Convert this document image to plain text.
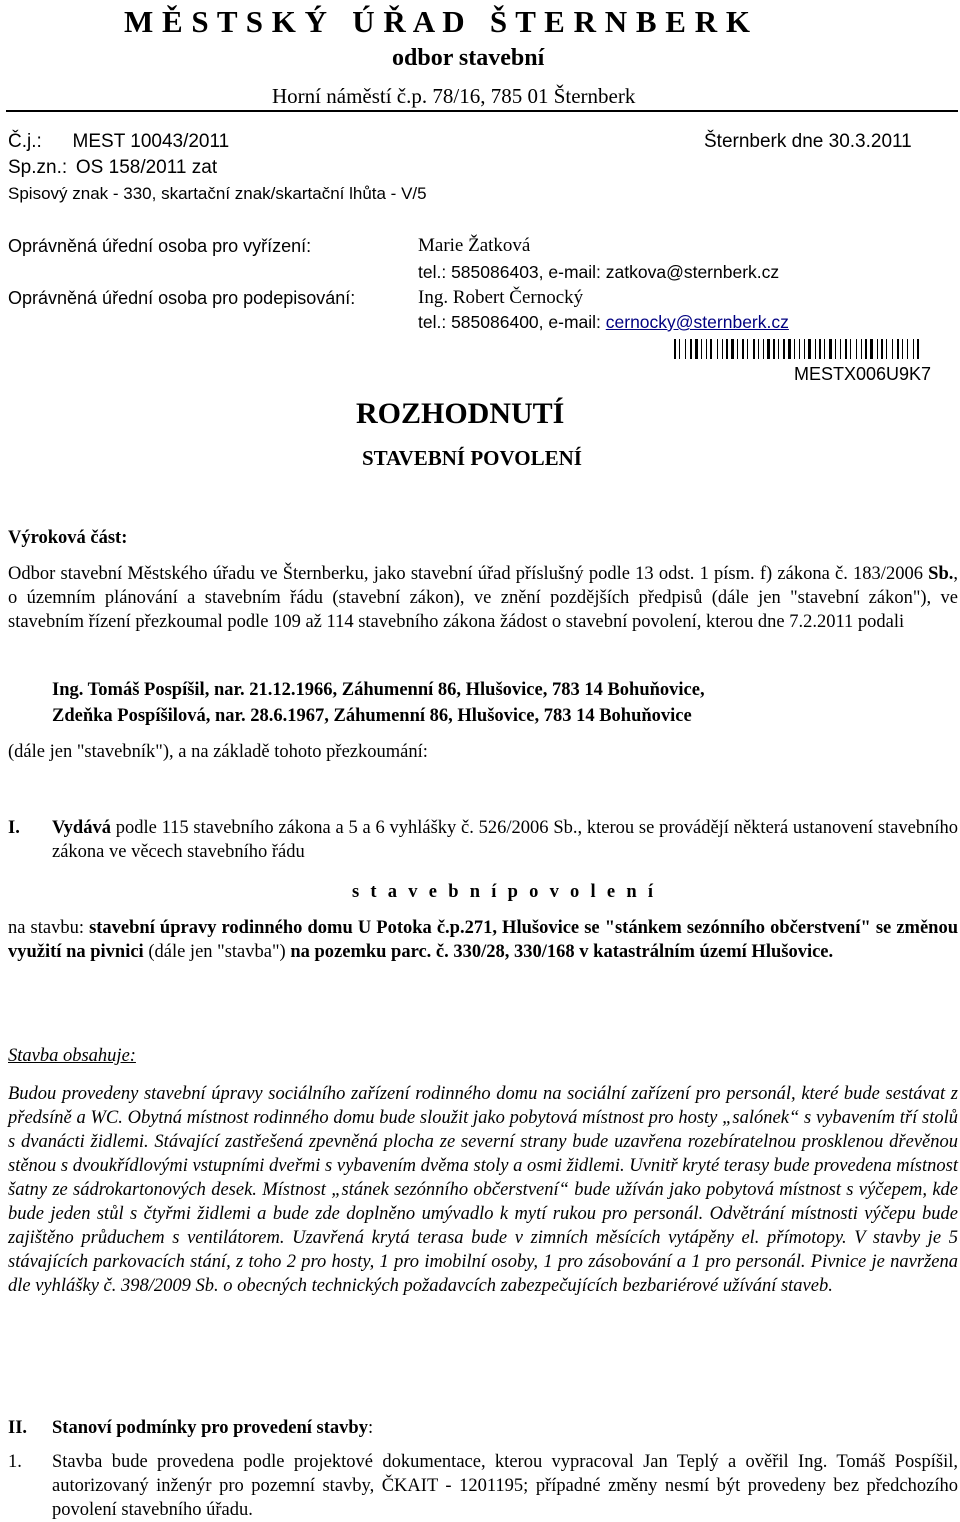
M Ě S T S K Ý   Ú Ř A D   Š T E R N B E R K
odbor stavební
Horní náměstí č.p. 78/16, 785 01 Šternberk
Č.j.: MEST 10043/2011	Šternberk dne 30.3.2011
Sp.zn.: OS 158/2011 zat
Spisový znak - 330, skartační znak/skartační lhůta - V/5
Oprávněná úřední osoba pro vyřízení:	Marie Žatková
tel.: 585086403, e-mail: zatkova@sternberk.cz
Oprávněná úřední osoba pro podepisování:	Ing. Robert Černocký
tel.: 585086400, e-mail: cernocky@sternberk.cz
MESTX006U9K7
ROZHODNUTÍ
STAVEBNÍ POVOLENÍ
Výroková část:
Odbor stavební Městského úřadu ve Šternberku, jako stavební úřad příslušný podle 13 odst. 1 písm. f) zákona č. 183/2006 Sb., o územním plánování a stavebním řádu (stavební zákon), ve znění pozdějších předpisů (dále jen "stavební zákon"), ve stavebním řízení přezkoumal podle 109 až 114 stavebního zákona žádost o stavební povolení, kterou dne 7.2.2011 podali
Ing. Tomáš Pospíšil, nar. 21.12.1966, Záhumenní 86, Hlušovice, 783 14 Bohuňovice,
Zdeňka Pospíšilová, nar. 28.6.1967, Záhumenní 86, Hlušovice, 783 14 Bohuňovice
(dále jen "stavebník"), a na základě tohoto přezkoumání:
I. Vydává podle 115 stavebního zákona a 5 a 6 vyhlášky č. 526/2006 Sb., kterou se provádějí některá ustanovení stavebního zákona ve věcech stavebního řádu
s t a v e b n í p o v o l e n í
na stavbu: stavební úpravy rodinného domu U Potoka č.p.271, Hlušovice se "stánkem sezónního občerstvení" se změnou využití na pivnici (dále jen "stavba") na pozemku parc. č. 330/28, 330/168 v katastrálním území Hlušovice.
Stavba obsahuje:
Budou provedeny stavební úpravy sociálního zařízení rodinného domu na sociální zařízení pro personál, které bude sestávat z předsíně a WC. Obytná místnost rodinného domu bude sloužit jako pobytová místnost pro hosty „salónek“ s vybavením tří stolů s dvanácti židlemi. Stávající zastřešená zpevněná plocha ze severní strany bude uzavřena rozebíratelnou prosklenou dřevěnou stěnou s dvoukřídlovými vstupními dveřmi s vybavením dvěma stoly a osmi židlemi. Uvnitř kryté terasy bude provedena místnost šatny ze sádrokartonových desek. Místnost „stánek sezónního občerstvení“ bude užíván jako pobytová místnost s výčepem, kde bude jeden stůl s čtyřmi židlemi a bude zde doplněno umývadlo k mytí rukou pro personál. Odvětrání místnosti výčepu bude zajištěno průduchem s ventilátorem. Uzavřená krytá terasa bude v zimních měsících vytápěny el. přímotopy. V stavby je 5 stávajících parkovacích stání, z toho 2 pro hosty, 1 pro imobilní osoby, 1 pro zásobování a 1 pro personál. Pivnice je navržena dle vyhlášky č. 398/2009 Sb. o obecných technických požadavcích zabezpečujících bezbariérové užívání staveb.
II. Stanoví podmínky pro provedení stavby:
1. Stavba bude provedena podle projektové dokumentace, kterou vypracoval Jan Teplý a ověřil Ing. Tomáš Pospíšil, autorizovaný inženýr pro pozemní stavby, ČKAIT - 1201195; případné změny nesmí být provedeny bez předchozího povolení stavebního úřadu.
